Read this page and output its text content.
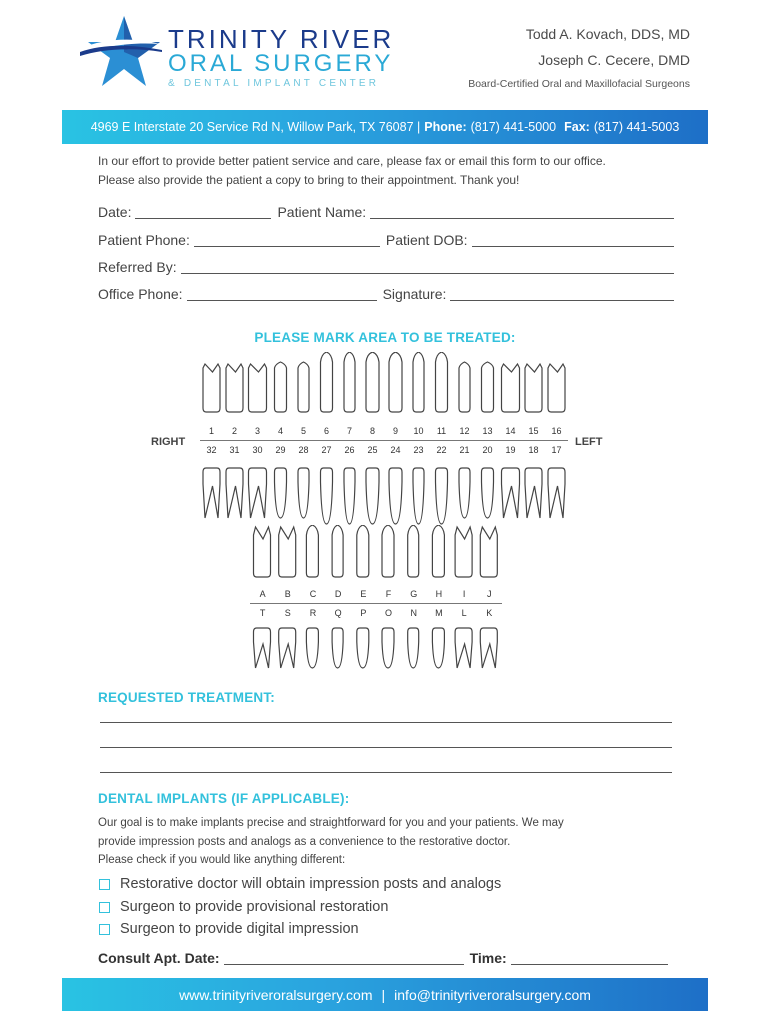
TRINITY RIVER
ORAL SURGERY
& DENTAL IMPLANT CENTER
Todd A. Kovach, DDS, MD
Joseph C. Cecere, DMD
Board-Certified Oral and Maxillofacial Surgeons
4969 E Interstate 20 Service Rd N, Willow Park, TX 76087 | Phone: (817) 441-5000 Fax: (817) 441-5003
In our effort to provide better patient service and care, please fax or email this form to our office.
Please also provide the patient a copy to bring to their appointment. Thank you!
Date:	Patient Name:
Patient Phone:	Patient DOB:
Referred By:
Office Phone:	Signature:
PLEASE MARK AREA TO BE TREATED:
RIGHT	LEFT
1	2	3	4	5	6	7	8	9	10	11	12	13	14	15	16
32	31	30	29	28	27	26	25	24	23	22	21	20	19	18	17
A	B	C	D	E	F	G	H	I	J
T	S	R	Q	P	O	N	M	L	K
REQUESTED TREATMENT:
DENTAL IMPLANTS (IF APPLICABLE):
Our goal is to make implants precise and straightforward for you and your patients. We may
provide impression posts and analogs as a convenience to the restorative doctor.
Please check if you would like anything different:
Restorative doctor will obtain impression posts and analogs
Surgeon to provide provisional restoration
Surgeon to provide digital impression
Consult Apt. Date:	Time:
www.trinityriveroralsurgery.com | info@trinityriveroralsurgery.com
